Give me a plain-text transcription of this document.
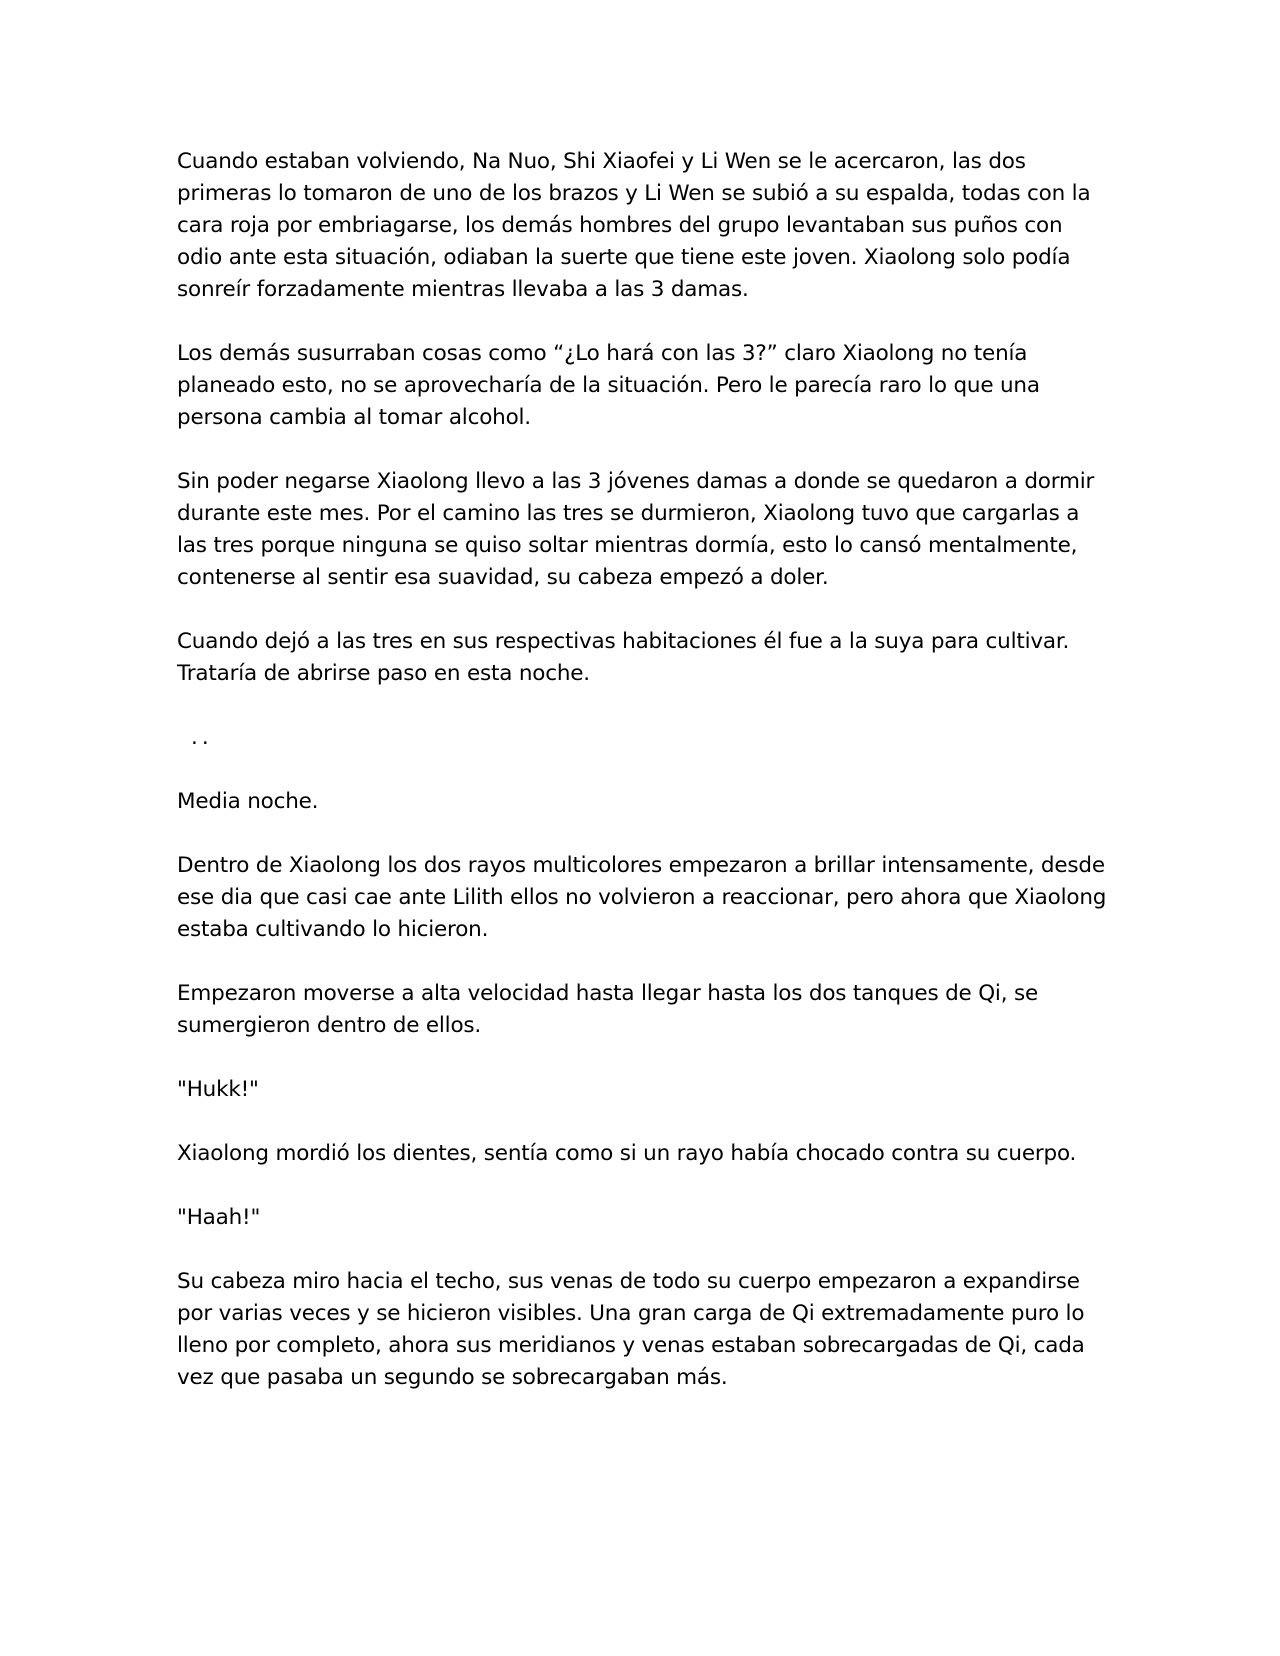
Cuando estaban volviendo, Na Nuo, Shi Xiaofei y Li Wen se le acercaron, las dos primeras lo tomaron de uno de los brazos y Li Wen se subió a su espalda, todas con la cara roja por embriagarse, los demás hombres del grupo levantaban sus puños con odio ante esta situación, odiaban la suerte que tiene este joven. Xiaolong solo podía sonreír forzadamente mientras llevaba a las 3 damas.

Los demás susurraban cosas como “¿Lo hará con las 3?” claro Xiaolong no tenía planeado esto, no se aprovecharía de la situación. Pero le parecía raro lo que una persona cambia al tomar alcohol.

Sin poder negarse Xiaolong llevo a las 3 jóvenes damas a donde se quedaron a dormir durante este mes. Por el camino las tres se durmieron, Xiaolong tuvo que cargarlas a las tres porque ninguna se quiso soltar mientras dormía, esto lo cansó mentalmente, contenerse al sentir esa suavidad, su cabeza empezó a doler.

Cuando dejó a las tres en sus respectivas habitaciones él fue a la suya para cultivar. Trataría de abrirse paso en esta noche.

..

Media noche.

Dentro de Xiaolong los dos rayos multicolores empezaron a brillar intensamente, desde ese dia que casi cae ante Lilith ellos no volvieron a reaccionar, pero ahora que Xiaolong estaba cultivando lo hicieron.

Empezaron moverse a alta velocidad hasta llegar hasta los dos tanques de Qi, se sumergieron dentro de ellos.

"Hukk!"

Xiaolong mordió los dientes, sentía como si un rayo había chocado contra su cuerpo.

"Haah!"

Su cabeza miro hacia el techo, sus venas de todo su cuerpo empezaron a expandirse por varias veces y se hicieron visibles. Una gran carga de Qi extremadamente puro lo lleno por completo, ahora sus meridianos y venas estaban sobrecargadas de Qi, cada vez que pasaba un segundo se sobrecargaban más.
